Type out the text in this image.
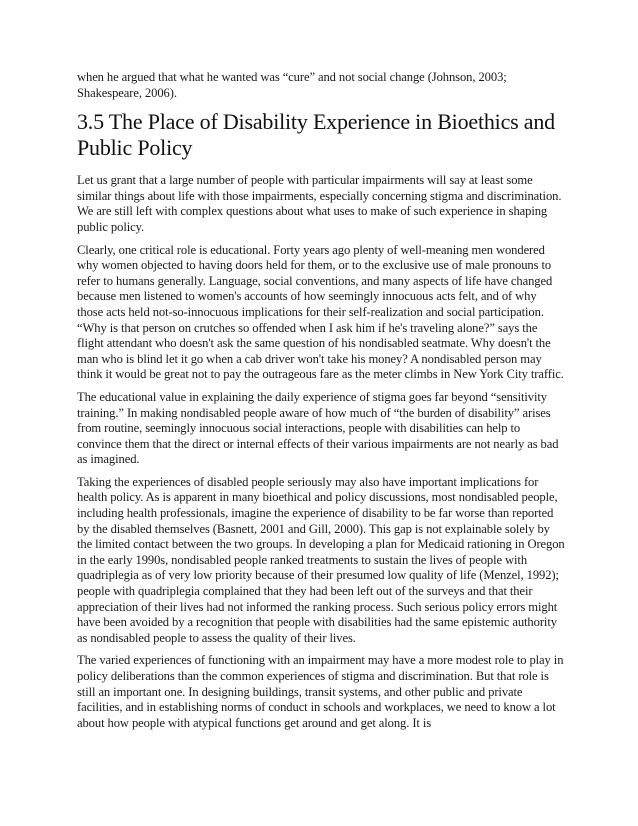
when he argued that what he wanted was “cure” and not social change (Johnson, 2003; Shakespeare, 2006).

3.5 The Place of Disability Experience in Bioethics and Public Policy

Let us grant that a large number of people with particular impairments will say at least some similar things about life with those impairments, especially concerning stigma and discrimination. We are still left with complex questions about what uses to make of such experience in shaping public policy.

Clearly, one critical role is educational. Forty years ago plenty of well-meaning men wondered why women objected to having doors held for them, or to the exclusive use of male pronouns to refer to humans generally. Language, social conventions, and many aspects of life have changed because men listened to women's accounts of how seemingly innocuous acts felt, and of why those acts held not-so-innocuous implications for their self-realization and social participation. “Why is that person on crutches so offended when I ask him if he's traveling alone?” says the flight attendant who doesn't ask the same question of his nondisabled seatmate. Why doesn't the man who is blind let it go when a cab driver won't take his money? A nondisabled person may think it would be great not to pay the outrageous fare as the meter climbs in New York City traffic.

The educational value in explaining the daily experience of stigma goes far beyond “sensitivity training.” In making nondisabled people aware of how much of “the burden of disability” arises from routine, seemingly innocuous social interactions, people with disabilities can help to convince them that the direct or internal effects of their various impairments are not nearly as bad as imagined.

Taking the experiences of disabled people seriously may also have important implications for health policy. As is apparent in many bioethical and policy discussions, most nondisabled people, including health professionals, imagine the experience of disability to be far worse than reported by the disabled themselves (Basnett, 2001 and Gill, 2000). This gap is not explainable solely by the limited contact between the two groups. In developing a plan for Medicaid rationing in Oregon in the early 1990s, nondisabled people ranked treatments to sustain the lives of people with quadriplegia as of very low priority because of their presumed low quality of life (Menzel, 1992); people with quadriplegia complained that they had been left out of the surveys and that their appreciation of their lives had not informed the ranking process. Such serious policy errors might have been avoided by a recognition that people with disabilities had the same epistemic authority as nondisabled people to assess the quality of their lives.

The varied experiences of functioning with an impairment may have a more modest role to play in policy deliberations than the common experiences of stigma and discrimination. But that role is still an important one. In designing buildings, transit systems, and other public and private facilities, and in establishing norms of conduct in schools and workplaces, we need to know a lot about how people with atypical functions get around and get along. It is
